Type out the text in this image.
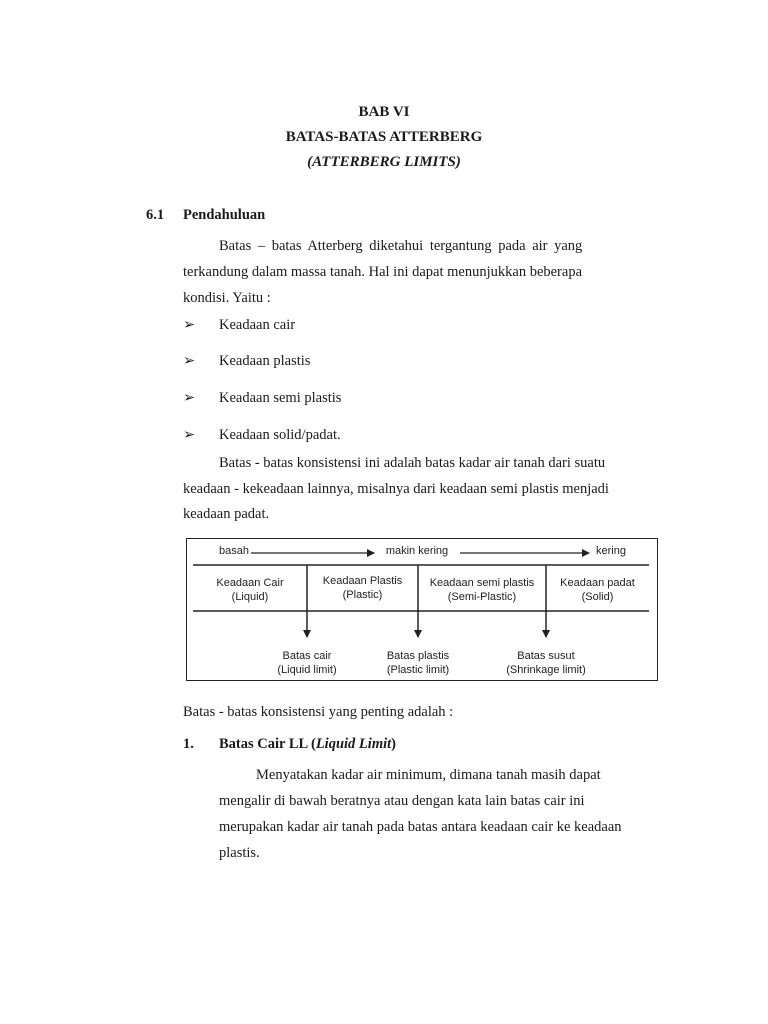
BAB VI
BATAS-BATAS ATTERBERG
(ATTERBERG LIMITS)
6.1 Pendahuluan
Batas – batas Atterberg diketahui tergantung pada air yang
terkandung dalam massa tanah. Hal ini dapat menunjukkan beberapa
kondisi. Yaitu :
➢ Keadaan cair
➢ Keadaan plastis
➢ Keadaan semi plastis
➢ Keadaan solid/padat.
Batas - batas konsistensi ini adalah batas kadar air tanah dari suatu
keadaan - kekeadaan lainnya, misalnya dari keadaan semi plastis menjadi
keadaan padat.
basah	makin kering	kering
Keadaan Cair
(Liquid)
Keadaan Plastis
(Plastic)
Keadaan semi plastis
(Semi-Plastic)
Keadaan padat
(Solid)
Batas cair
(Liquid limit)
Batas plastis
(Plastic limit)
Batas susut
(Shrinkage limit)
Batas - batas konsistensi yang penting adalah :
1. Batas Cair LL (Liquid Limit)
Menyatakan kadar air minimum, dimana tanah masih dapat
mengalir di bawah beratnya atau dengan kata lain batas cair ini
merupakan kadar air tanah pada batas antara keadaan cair ke keadaan
plastis.
